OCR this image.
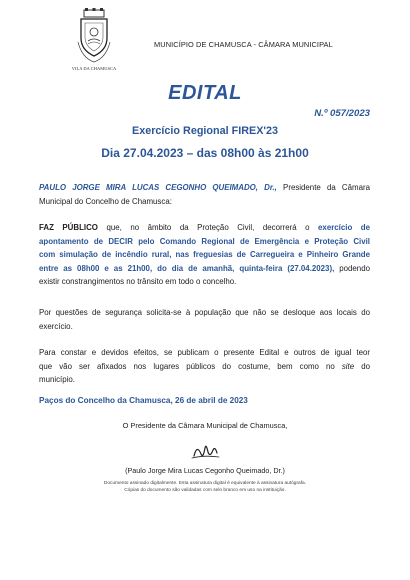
VILA DA CHAMUSCA
MUNICÍPIO DE CHAMUSCA - CÂMARA MUNICIPAL
EDITAL
N.º 057/2023
Exercício Regional FIREX'23
Dia 27.04.2023 – das 08h00 às 21h00
PAULO JORGE MIRA LUCAS CEGONHO QUEIMADO, Dr., Presidente da Câmara
Municipal do Concelho de Chamusca:
FAZ PÚBLICO que, no âmbito da Proteção Civil, decorrerá o exercício de
apontamento de DECIR pelo Comando Regional de Emergência e Proteção Civil
com simulação de incêndio rural, nas freguesias de Carregueira e Pinheiro Grande
entre as 08h00 e as 21h00, do dia de amanhã, quinta-feira (27.04.2023), podendo
existir constrangimentos no trânsito em todo o concelho.
Por questões de segurança solicita-se à população que não se desloque aos locais do
exercício.
Para constar e devidos efeitos, se publicam o presente Edital e outros de igual teor
que vão ser afixados nos lugares públicos do costume, bem como no site do
município.
Paços do Concelho da Chamusca, 26 de abril de 2023
O Presidente da Câmara Municipal de Chamusca,
(Paulo Jorge Mira Lucas Cegonho Queimado, Dr.)
Documento assinado digitalmente. Esta assinatura digital é equivalente à assinatura autógrafa.
Cópias do documento são validadas com selo branco em uso na instituição.
